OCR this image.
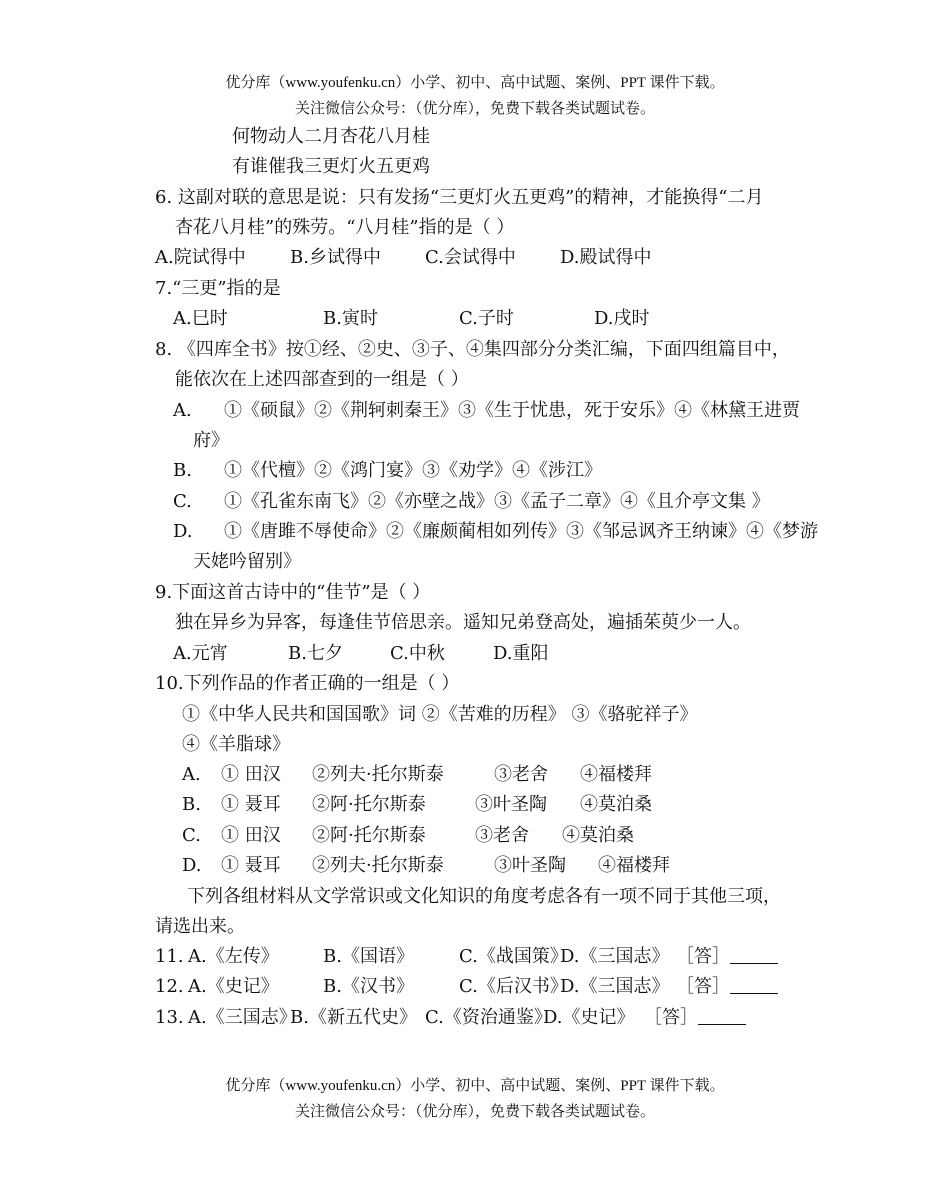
优分库（www.youfenku.cn）小学、初中、高中试题、案例、PPT 课件下载。
关注微信公众号：（优分库），免费下载各类试题试卷。
何物动人二月杏花八月桂
有谁催我三更灯火五更鸡
6. 这副对联的意思是说：只有发扬“三更灯火五更鸡”的精神，才能换得“二月
杏花八月桂”的殊劳。“八月桂”指的是（ ）
A.院试得中 B.乡试得中 C.会试得中 D.殿试得中
7.“三更”指的是
A.巳时	B.寅时	C.子时	D.戌时
8. 《四库全书》按①经、②史、③子、④集四部分分类汇编，下面四组篇目中，
能依次在上述四部查到的一组是（ ）
A. ①《硕鼠》②《荆轲刺秦王》③《生于忧患，死于安乐》④《林黛王进贾
府》
B. ①《代檀》②《鸿门宴》③《劝学》④《涉江》
C. ①《孔雀东南飞》②《亦壁之战》③《孟子二章》④《且介亭文集 》
D. ①《唐雎不辱使命》②《廉颇蔺相如列传》③《邹忌讽齐王纳谏》④《梦游
天姥吟留别》
9.下面这首古诗中的“佳节”是（ ）
独在异乡为异客，每逢佳节倍思亲。遥知兄弟登高处，遍插茱萸少一人。
A.元宵	B.七夕	C.中秋	D.重阳
10.下列作品的作者正确的一组是（ ）
①《中华人民共和国国歌》词 ②《苦难的历程》 ③《骆驼祥子》
④《羊脂球》
A. ① 田汉 ②列夫·托尔斯泰	③老舍 ④福楼拜
B. ① 聂耳 ②阿·托尔斯泰	③叶圣陶 ④莫泊桑
C. ① 田汉 ②阿·托尔斯泰	③老舍 ④莫泊桑
D. ① 聂耳 ②列夫·托尔斯泰	③叶圣陶 ④福楼拜
下列各组材料从文学常识或文化知识的角度考虑各有一项不同于其他三项，
请选出来。
11. A.《左传》 B.《国语》	C.《战国策》
D.《三国志》 ［答］
12. A.《史记》 B.《汉书》	C.《后汉书》
D.《三国志》 ［答］
13. A.《三国志》
B.《新五代史》 C.《资治通鉴》
D.《史记》 ［答］
优分库（www.youfenku.cn）小学、初中、高中试题、案例、PPT 课件下载。
关注微信公众号：（优分库），免费下载各类试题试卷。
